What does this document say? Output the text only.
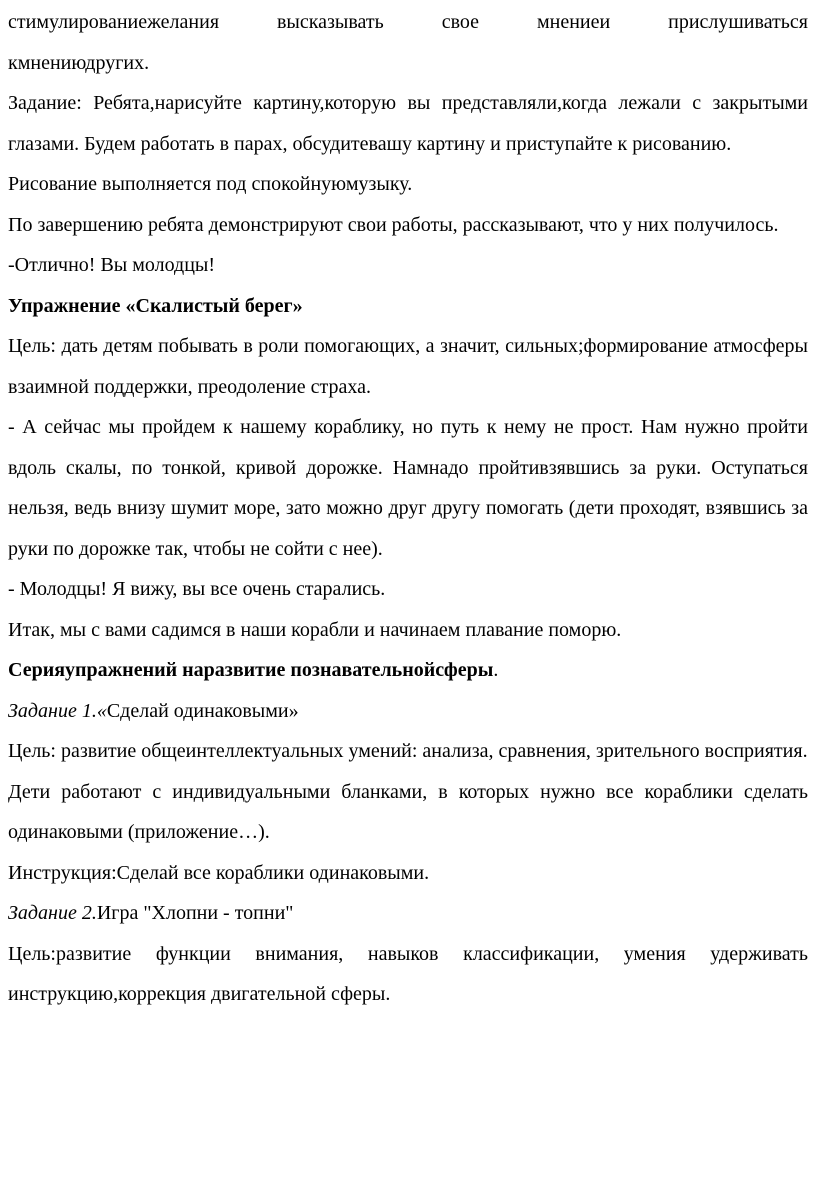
стимулированиежелания высказывать свое мнениеи прислушиваться

кмнениюдругих.

Задание: Ребята,нарисуйте картину,которую вы представляли,когда лежали с закрытыми глазами. Будем работать в парах, обсудитевашу картину и приступайте к рисованию.

Рисование выполняется под спокойнуюмузыку.

По завершению ребята демонстрируют свои работы, рассказывают, что у них получилось.

-Отлично! Вы молодцы!

Упражнение «Скалистый берег»

Цель: дать детям побывать в роли помогающих, а значит, сильных;формирование атмосферы взаимной поддержки, преодоление страха.

- А сейчас мы пройдем к нашему кораблику, но путь к нему не прост. Нам нужно пройти вдоль скалы, по тонкой, кривой дорожке. Намнадо пройтивзявшись за руки. Оступаться нельзя, ведь внизу шумит море, зато можно друг другу помогать (дети проходят, взявшись за руки по дорожке так, чтобы не сойти с нее).

- Молодцы! Я вижу, вы все очень старались.

Итак, мы с вами садимся в наши корабли и начинаем плавание поморю.

Серияупражнений наразвитие познавательнойсферы.

Задание 1.«Сделай одинаковыми»

Цель: развитие общеинтеллектуальных умений: анализа, сравнения, зрительного восприятия.

Дети работают с индивидуальными бланками, в которых нужно все кораблики сделать одинаковыми (приложение…).

Инструкция:Сделай все кораблики одинаковыми.

Задание 2.Игра "Хлопни - топни"

Цель:развитие функции внимания, навыков классификации, умения удерживать инструкцию,коррекция двигательной сферы.
